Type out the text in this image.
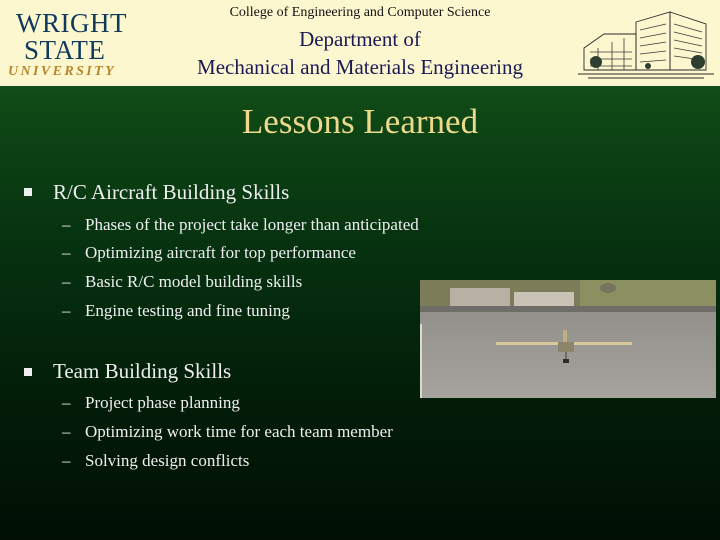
WRIGHT
STATE
UNIVERSITY
College of Engineering and Computer Science
Department of
Mechanical and Materials Engineering
Lessons Learned
R/C Aircraft Building Skills
– Phases of the project take longer than anticipated
– Optimizing aircraft for top performance
– Basic R/C model building skills
– Engine testing and fine tuning
Team Building Skills
– Project phase planning
– Optimizing work time for each team member
– Solving design conflicts
